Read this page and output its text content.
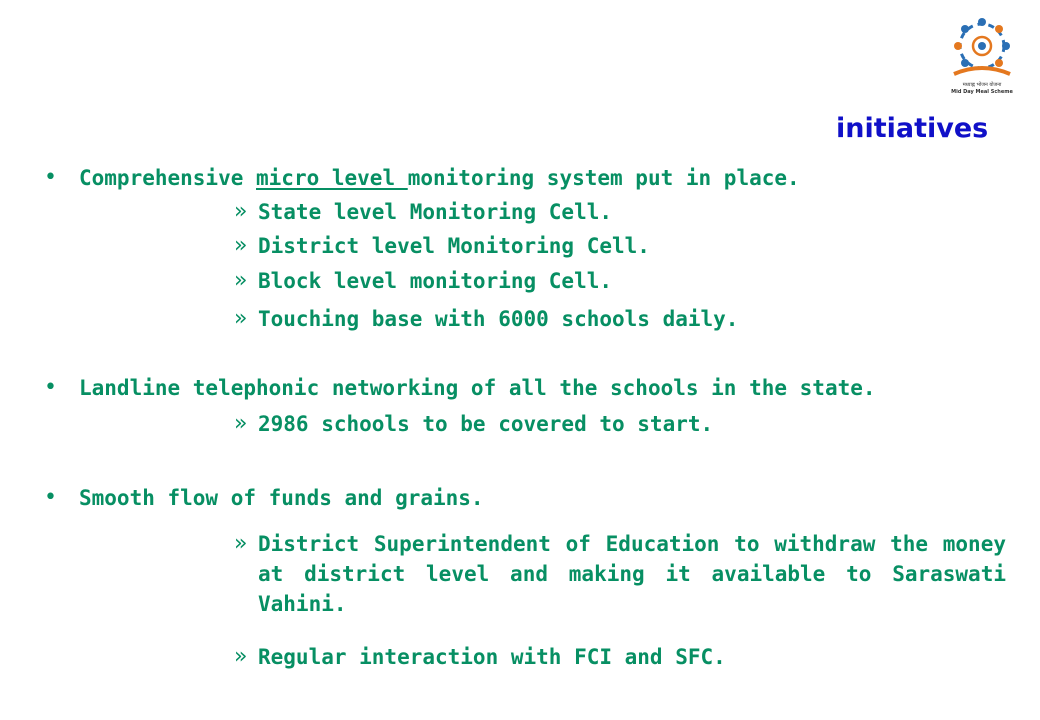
मध्याह्न भोजन योजना
Mid Day Meal Scheme
initiatives
• Comprehensive micro level monitoring system put in place.
» State level Monitoring Cell.
» District level Monitoring Cell.
» Block level monitoring Cell.
» Touching base with 6000 schools daily.
• Landline telephonic networking of all the schools in the state.
» 2986 schools to be covered to start.
• Smooth flow of funds and grains.
» District Superintendent of Education to withdraw the money at district level and making it available to Saraswati Vahini.
» Regular interaction with FCI and SFC.
